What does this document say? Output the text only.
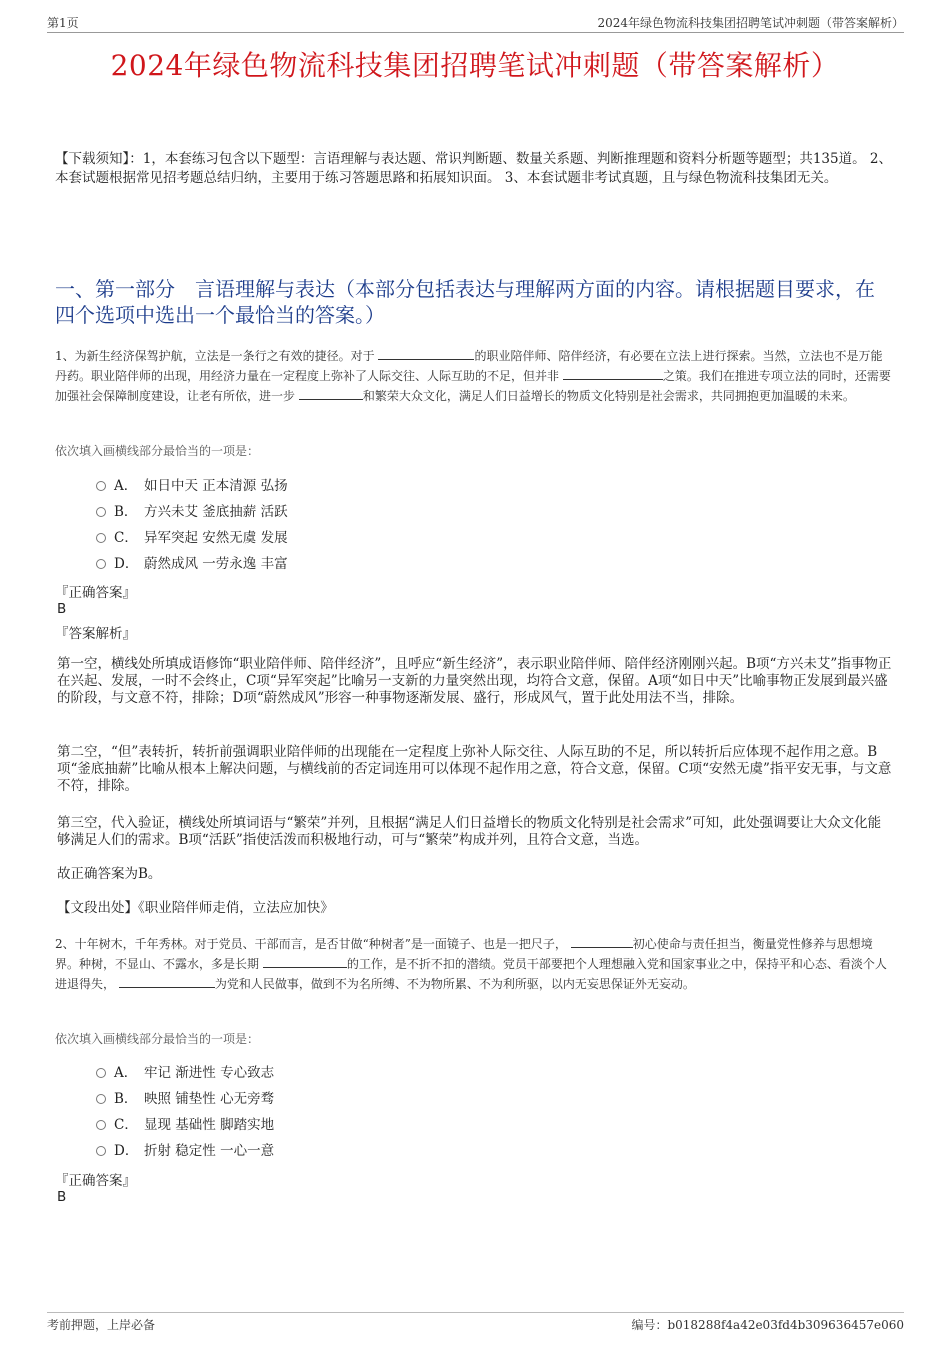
第1页	2024年绿色物流科技集团招聘笔试冲刺题（带答案解析）
2024年绿色物流科技集团招聘笔试冲刺题（带答案解析）
【下载须知】：1，本套练习包含以下题型：言语理解与表达题、常识判断题、数量关系题、判断推理题和资料分析题等题型；共135道。 2、本套试题根据常见招考题总结归纳，主要用于练习答题思路和拓展知识面。 3、本套试题非考试真题，且与绿色物流科技集团无关。
一、第一部分　言语理解与表达（本部分包括表达与理解两方面的内容。请根据题目要求，在四个选项中选出一个最恰当的答案。）
1、为新生经济保驾护航，立法是一条行之有效的捷径。对于	的职业陪伴师、陪伴经济，有必要在立法上进行探索。当然，立法也不是万能丹药。职业陪伴师的出现，用经济力量在一定程度上弥补了人际交往、人际互助的不足，但并非	之策。我们在推进专项立法的同时，还需要加强社会保障制度建设，让老有所依，进一步	和繁荣大众文化，满足人们日益增长的物质文化特别是社会需求，共同拥抱更加温暖的未来。
依次填入画横线部分最恰当的一项是：
A． 如日中天 正本清源 弘扬
B． 方兴未艾 釜底抽薪 活跃
C． 异军突起 安然无虞 发展
D． 蔚然成风 一劳永逸 丰富
『正确答案』
B
『答案解析』
第一空，横线处所填成语修饰“职业陪伴师、陪伴经济”，且呼应“新生经济”，表示职业陪伴师、陪伴经济刚刚兴起。B项“方兴未艾”指事物正在兴起、发展，一时不会终止，C项“异军突起”比喻另一支新的力量突然出现，均符合文意，保留。A项“如日中天”比喻事物正发展到最兴盛的阶段，与文意不符，排除；D项“蔚然成风”形容一种事物逐渐发展、盛行，形成风气，置于此处用法不当，排除。
第二空，“但”表转折，转折前强调职业陪伴师的出现能在一定程度上弥补人际交往、人际互助的不足，所以转折后应体现不起作用之意。B项“釜底抽薪”比喻从根本上解决问题，与横线前的否定词连用可以体现不起作用之意，符合文意，保留。C项“安然无虞”指平安无事，与文意不符，排除。
第三空，代入验证，横线处所填词语与“繁荣”并列，且根据“满足人们日益增长的物质文化特别是社会需求”可知，此处强调要让大众文化能够满足人们的需求。B项“活跃”指使活泼而积极地行动，可与“繁荣”构成并列，且符合文意，当选。
故正确答案为B。
【文段出处】《职业陪伴师走俏，立法应加快》
2、十年树木，千年秀林。对于党员、干部而言，是否甘做“种树者”是一面镜子、也是一把尺子，	初心使命与责任担当，衡量党性修养与思想境界。种树，不显山、不露水，多是长期	的工作，是不折不扣的潜绩。党员干部要把个人理想融入党和国家事业之中，保持平和心态、看淡个人进退得失，	为党和人民做事，做到不为名所缚、不为物所累、不为利所驱，以内无妄思保证外无妄动。
依次填入画横线部分最恰当的一项是：
A． 牢记 渐进性 专心致志
B． 映照 铺垫性 心无旁骛
C． 显现 基础性 脚踏实地
D． 折射 稳定性 一心一意
『正确答案』
B
考前押题，上岸必备	编号：b018288f4a42e03fd4b309636457e060
